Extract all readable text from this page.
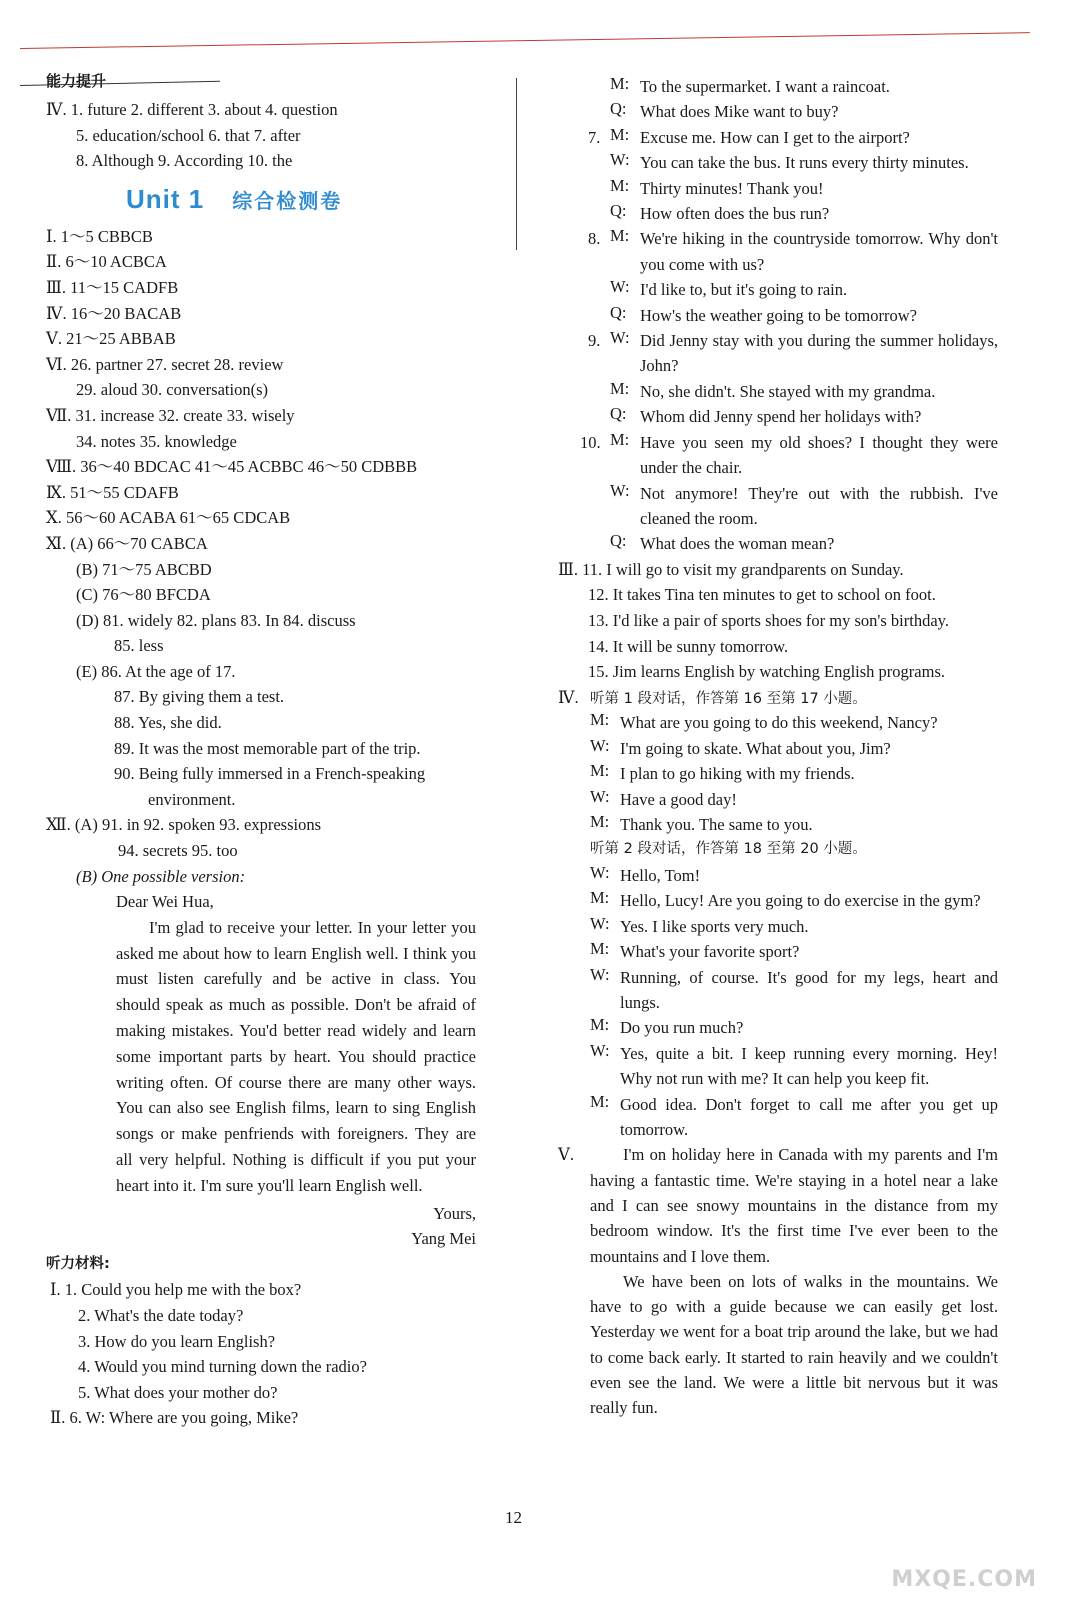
能力提升
Ⅳ. 1. future 2. different 3. about 4. question
5. education/school 6. that 7. after
8. Although 9. According 10. the
Unit 1 综合检测卷
Ⅰ. 1～5 CBBCB
Ⅱ. 6～10 ACBCA
Ⅲ. 11～15 CADFB
Ⅳ. 16～20 BACAB
Ⅴ. 21～25 ABBAB
Ⅵ. 26. partner 27. secret 28. review
29. aloud 30. conversation(s)
Ⅶ. 31. increase 32. create 33. wisely
34. notes 35. knowledge
Ⅷ. 36～40 BDCAC 41～45 ACBBC 46～50 CDBBB
Ⅸ. 51～55 CDAFB
Ⅹ. 56～60 ACABA 61～65 CDCAB
Ⅺ. (A) 66～70 CABCA
(B) 71～75 ABCBD
(C) 76～80 BFCDA
(D) 81. widely 82. plans 83. In 84. discuss
85. less
(E) 86. At the age of 17.
87. By giving them a test.
88. Yes, she did.
89. It was the most memorable part of the trip.
90. Being fully immersed in a French-speaking
environment.
Ⅻ. (A) 91. in 92. spoken 93. expressions
94. secrets 95. too
(B) One possible version:
Dear Wei Hua,

I'm glad to receive your letter. In your letter you asked me about how to learn English well. I think you must listen carefully and be active in class. You should speak as much as possible. Don't be afraid of making mistakes. You'd better read widely and learn some important parts by heart. You should practice writing often. Of course there are many other ways. You can also see English films, learn to sing English songs or make penfriends with foreigners. They are all very helpful. Nothing is difficult if you put your heart into it. I'm sure you'll learn English well.

Yours,
Yang Mei
听力材料:
Ⅰ. 1. Could you help me with the box?
2. What's the date today?
3. How do you learn English?
4. Would you mind turning down the radio?
5. What does your mother do?
Ⅱ. 6. W: Where are you going, Mike?
M: To the supermarket. I want a raincoat.
Q: What does Mike want to buy?
7. M: Excuse me. How can I get to the airport?
W: You can take the bus. It runs every thirty minutes.
M: Thirty minutes! Thank you!
Q: How often does the bus run?
8. M: We're hiking in the countryside tomorrow. Why don't you come with us?
W: I'd like to, but it's going to rain.
Q: How's the weather going to be tomorrow?
9. W: Did Jenny stay with you during the summer holidays, John?
M: No, she didn't. She stayed with my grandma.
Q: Whom did Jenny spend her holidays with?
10. M: Have you seen my old shoes? I thought they were under the chair.
W: Not anymore! They're out with the rubbish. I've cleaned the room.
Q: What does the woman mean?
Ⅲ. 11. I will go to visit my grandparents on Sunday.
12. It takes Tina ten minutes to get to school on foot.
13. I'd like a pair of sports shoes for my son's birthday.
14. It will be sunny tomorrow.
15. Jim learns English by watching English programs.
Ⅳ. 听第 1 段对话，作答第 16 至第 17 小题。
M: What are you going to do this weekend, Nancy?
W: I'm going to skate. What about you, Jim?
M: I plan to go hiking with my friends.
W: Have a good day!
M: Thank you. The same to you.
听第 2 段对话，作答第 18 至第 20 小题。
W: Hello, Tom!
M: Hello, Lucy! Are you going to do exercise in the gym?
W: Yes. I like sports very much.
M: What's your favorite sport?
W: Running, of course. It's good for my legs, heart and lungs.
M: Do you run much?
W: Yes, quite a bit. I keep running every morning. Hey! Why not run with me? It can help you keep fit.
M: Good idea. Don't forget to call me after you get up tomorrow.
Ⅴ.	I'm on holiday here in Canada with my parents and I'm having a fantastic time. We're staying in a hotel near a lake and I can see snowy mountains in the distance from my bedroom window. It's the first time I've ever been to the mountains and I love them.

We have been on lots of walks in the mountains. We have to go with a guide because we can easily get lost. Yesterday we went for a boat trip around the lake, but we had to come back early. It started to rain heavily and we couldn't even see the land. We were a little bit nervous but it was really fun.

12
MXQE.COM
